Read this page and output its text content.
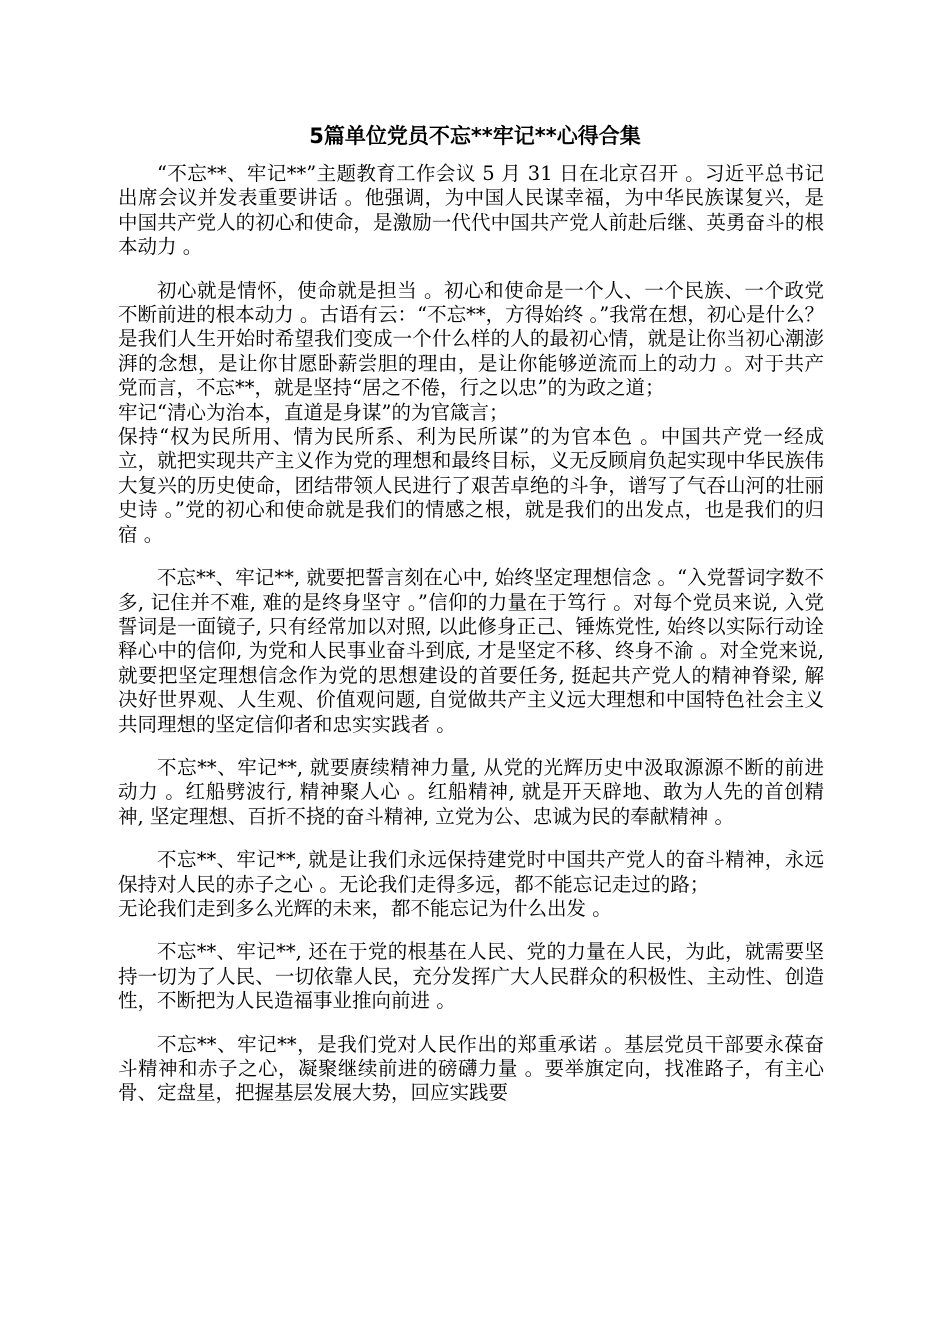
5篇单位党员不忘**牢记**心得合集

“不忘**、牢记**”主题教育工作会议 5 月 31 日在北京召开 。习近平总书记出席会议并发表重要讲话 。他强调，为中国人民谋幸福，为中华民族谋复兴，是中国共产党人的初心和使命，是激励一代代中国共产党人前赴后继、英勇奋斗的根本动力 。

初心就是情怀，使命就是担当 。初心和使命是一个人、一个民族、一个政党不断前进的根本动力 。古语有云：“不忘**，方得始终 。”我常在想，初心是什么？是我们人生开始时希望我们变成一个什么样的人的最初心情，就是让你当初心潮澎湃的念想，是让你甘愿卧薪尝胆的理由，是让你能够逆流而上的动力 。对于共产党而言，不忘**，就是坚持“居之不倦，行之以忠”的为政之道；

牢记“清心为治本，直道是身谋”的为官箴言；

保持“权为民所用、情为民所系、利为民所谋”的为官本色 。中国共产党一经成立，就把实现共产主义作为党的理想和最终目标，义无反顾肩负起实现中华民族伟大复兴的历史使命，团结带领人民进行了艰苦卓绝的斗争，谱写了气吞山河的壮丽史诗 。”党的初心和使命就是我们的情感之根，就是我们的出发点，也是我们的归宿 。

不忘**、牢记**, 就要把誓言刻在心中, 始终坚定理想信念 。“入党誓词字数不多, 记住并不难, 难的是终身坚守 。”信仰的力量在于笃行 。对每个党员来说, 入党誓词是一面镜子, 只有经常加以对照, 以此修身正己、锤炼党性, 始终以实际行动诠释心中的信仰, 为党和人民事业奋斗到底, 才是坚定不移、终身不渝 。对全党来说, 就要把坚定理想信念作为党的思想建设的首要任务, 挺起共产党人的精神脊梁, 解决好世界观、人生观、价值观问题, 自觉做共产主义远大理想和中国特色社会主义共同理想的坚定信仰者和忠实实践者 。

不忘**、牢记**, 就要赓续精神力量, 从党的光辉历史中汲取源源不断的前进动力 。红船劈波行, 精神聚人心 。红船精神, 就是开天辟地、敢为人先的首创精神, 坚定理想、百折不挠的奋斗精神, 立党为公、忠诚为民的奉献精神 。

不忘**、牢记**, 就是让我们永远保持建党时中国共产党人的奋斗精神，永远保持对人民的赤子之心 。无论我们走得多远，都不能忘记走过的路；

无论我们走到多么光辉的未来，都不能忘记为什么出发 。

不忘**、牢记**, 还在于党的根基在人民、党的力量在人民，为此，就需要坚持一切为了人民、一切依靠人民，充分发挥广大人民群众的积极性、主动性、创造性，不断把为人民造福事业推向前进 。

不忘**、牢记**，是我们党对人民作出的郑重承诺 。基层党员干部要永葆奋斗精神和赤子之心，凝聚继续前进的磅礴力量 。要举旗定向，找准路子，有主心骨、定盘星，把握基层发展大势，回应实践要
